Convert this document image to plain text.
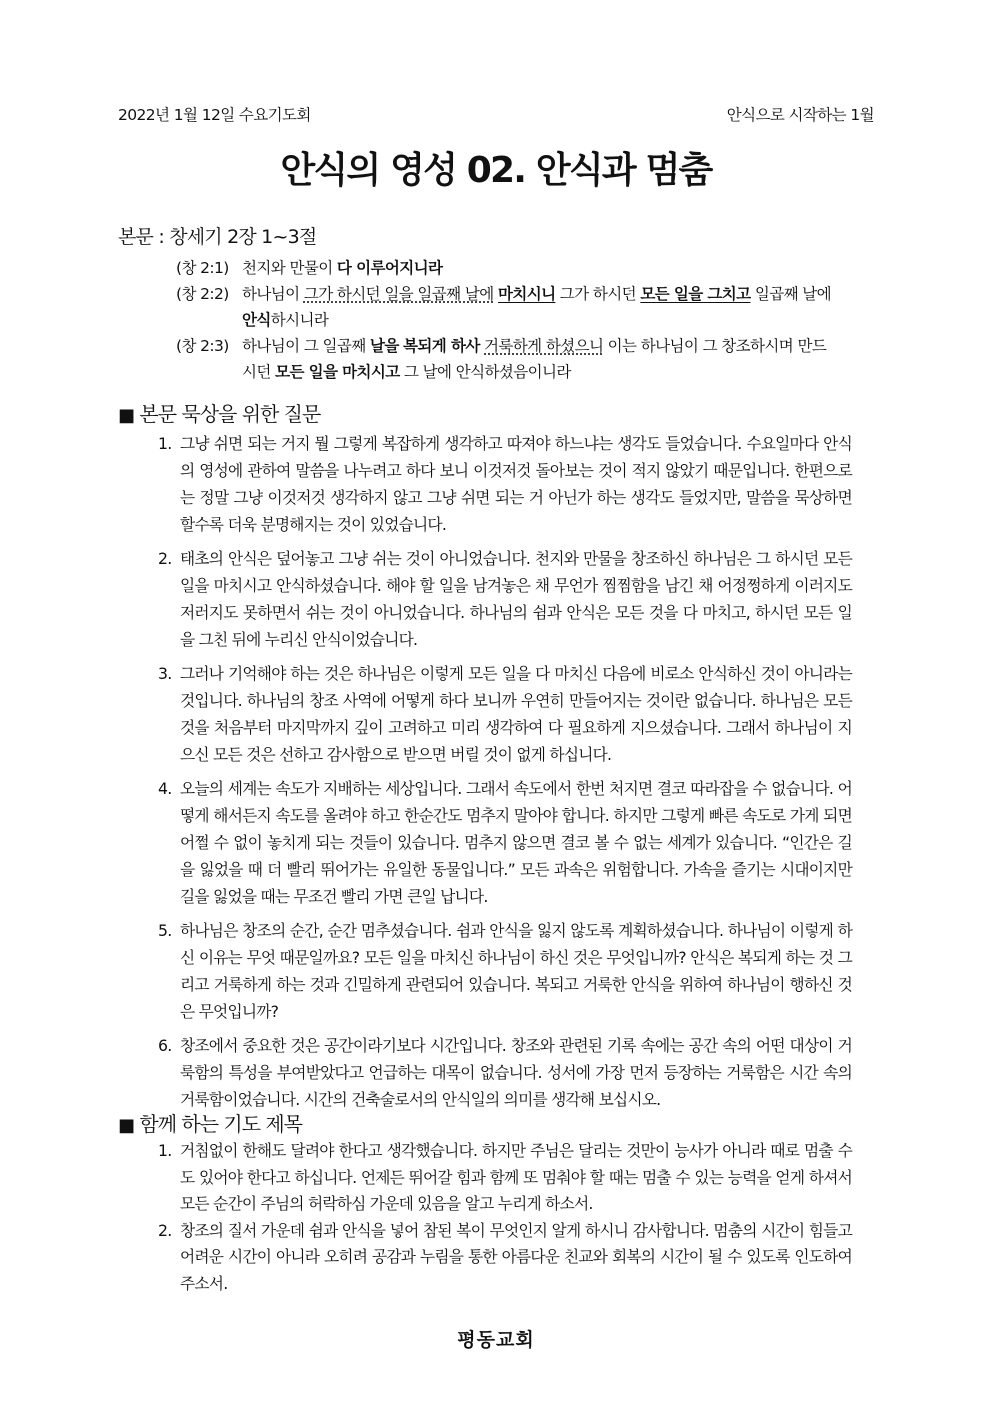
2022년 1월 12일 수요기도회	안식으로 시작하는 1월
안식의 영성 02. 안식과 멈춤
본문 : 창세기 2장 1~3절
(창 2:1) 천지와 만물이 다 이루어지니라
(창 2:2) 하나님이 그가 하시던 일을 일곱째 날에 마치시니 그가 하시던 모든 일을 그치고 일곱째 날에 안식하시니라
(창 2:3) 하나님이 그 일곱째 날을 복되게 하사 거룩하게 하셨으니 이는 하나님이 그 창조하시며 만드시던 모든 일을 마치시고 그 날에 안식하셨음이니라
■ 본문 묵상을 위한 질문
1. 그냥 쉬면 되는 거지 뭘 그렇게 복잡하게 생각하고 따져야 하느냐는 생각도 들었습니다. 수요일마다 안식의 영성에 관하여 말씀을 나누려고 하다 보니 이것저것 돌아보는 것이 적지 않았기 때문입니다. 한편으로는 정말 그냥 이것저것 생각하지 않고 그냥 쉬면 되는 거 아닌가 하는 생각도 들었지만, 말씀을 묵상하면 할수록 더욱 분명해지는 것이 있었습니다.
2. 태초의 안식은 덮어놓고 그냥 쉬는 것이 아니었습니다. 천지와 만물을 창조하신 하나님은 그 하시던 모든 일을 마치시고 안식하셨습니다. 해야 할 일을 남겨놓은 채 무언가 찜찜함을 남긴 채 어정쩡하게 이러지도 저러지도 못하면서 쉬는 것이 아니었습니다. 하나님의 쉼과 안식은 모든 것을 다 마치고, 하시던 모든 일을 그친 뒤에 누리신 안식이었습니다.
3. 그러나 기억해야 하는 것은 하나님은 이렇게 모든 일을 다 마치신 다음에 비로소 안식하신 것이 아니라는 것입니다. 하나님의 창조 사역에 어떻게 하다 보니까 우연히 만들어지는 것이란 없습니다. 하나님은 모든 것을 처음부터 마지막까지 깊이 고려하고 미리 생각하여 다 필요하게 지으셨습니다. 그래서 하나님이 지으신 모든 것은 선하고 감사함으로 받으면 버릴 것이 없게 하십니다.
4. 오늘의 세계는 속도가 지배하는 세상입니다. 그래서 속도에서 한번 처지면 결코 따라잡을 수 없습니다. 어떻게 해서든지 속도를 올려야 하고 한순간도 멈추지 말아야 합니다. 하지만 그렇게 빠른 속도로 가게 되면 어쩔 수 없이 놓치게 되는 것들이 있습니다. 멈추지 않으면 결코 볼 수 없는 세계가 있습니다. “인간은 길을 잃었을 때 더 빨리 뛰어가는 유일한 동물입니다.” 모든 과속은 위험합니다. 가속을 즐기는 시대이지만 길을 잃었을 때는 무조건 빨리 가면 큰일 납니다.
5. 하나님은 창조의 순간, 순간 멈추셨습니다. 쉼과 안식을 잃지 않도록 계획하셨습니다. 하나님이 이렇게 하신 이유는 무엇 때문일까요? 모든 일을 마치신 하나님이 하신 것은 무엇입니까? 안식은 복되게 하는 것 그리고 거룩하게 하는 것과 긴밀하게 관련되어 있습니다. 복되고 거룩한 안식을 위하여 하나님이 행하신 것은 무엇입니까?
6. 창조에서 중요한 것은 공간이라기보다 시간입니다. 창조와 관련된 기록 속에는 공간 속의 어떤 대상이 거룩함의 특성을 부여받았다고 언급하는 대목이 없습니다. 성서에 가장 먼저 등장하는 거룩함은 시간 속의 거룩함이었습니다. 시간의 건축술로서의 안식일의 의미를 생각해 보십시오.
■ 함께 하는 기도 제목
1. 거침없이 한해도 달려야 한다고 생각했습니다. 하지만 주님은 달리는 것만이 능사가 아니라 때로 멈출 수도 있어야 한다고 하십니다. 언제든 뛰어갈 힘과 함께 또 멈춰야 할 때는 멈출 수 있는 능력을 얻게 하셔서 모든 순간이 주님의 허락하심 가운데 있음을 알고 누리게 하소서.
2. 창조의 질서 가운데 쉼과 안식을 넣어 참된 복이 무엇인지 알게 하시니 감사합니다. 멈춤의 시간이 힘들고 어려운 시간이 아니라 오히려 공감과 누림을 통한 아름다운 친교와 회복의 시간이 될 수 있도록 인도하여 주소서.
평동교회
